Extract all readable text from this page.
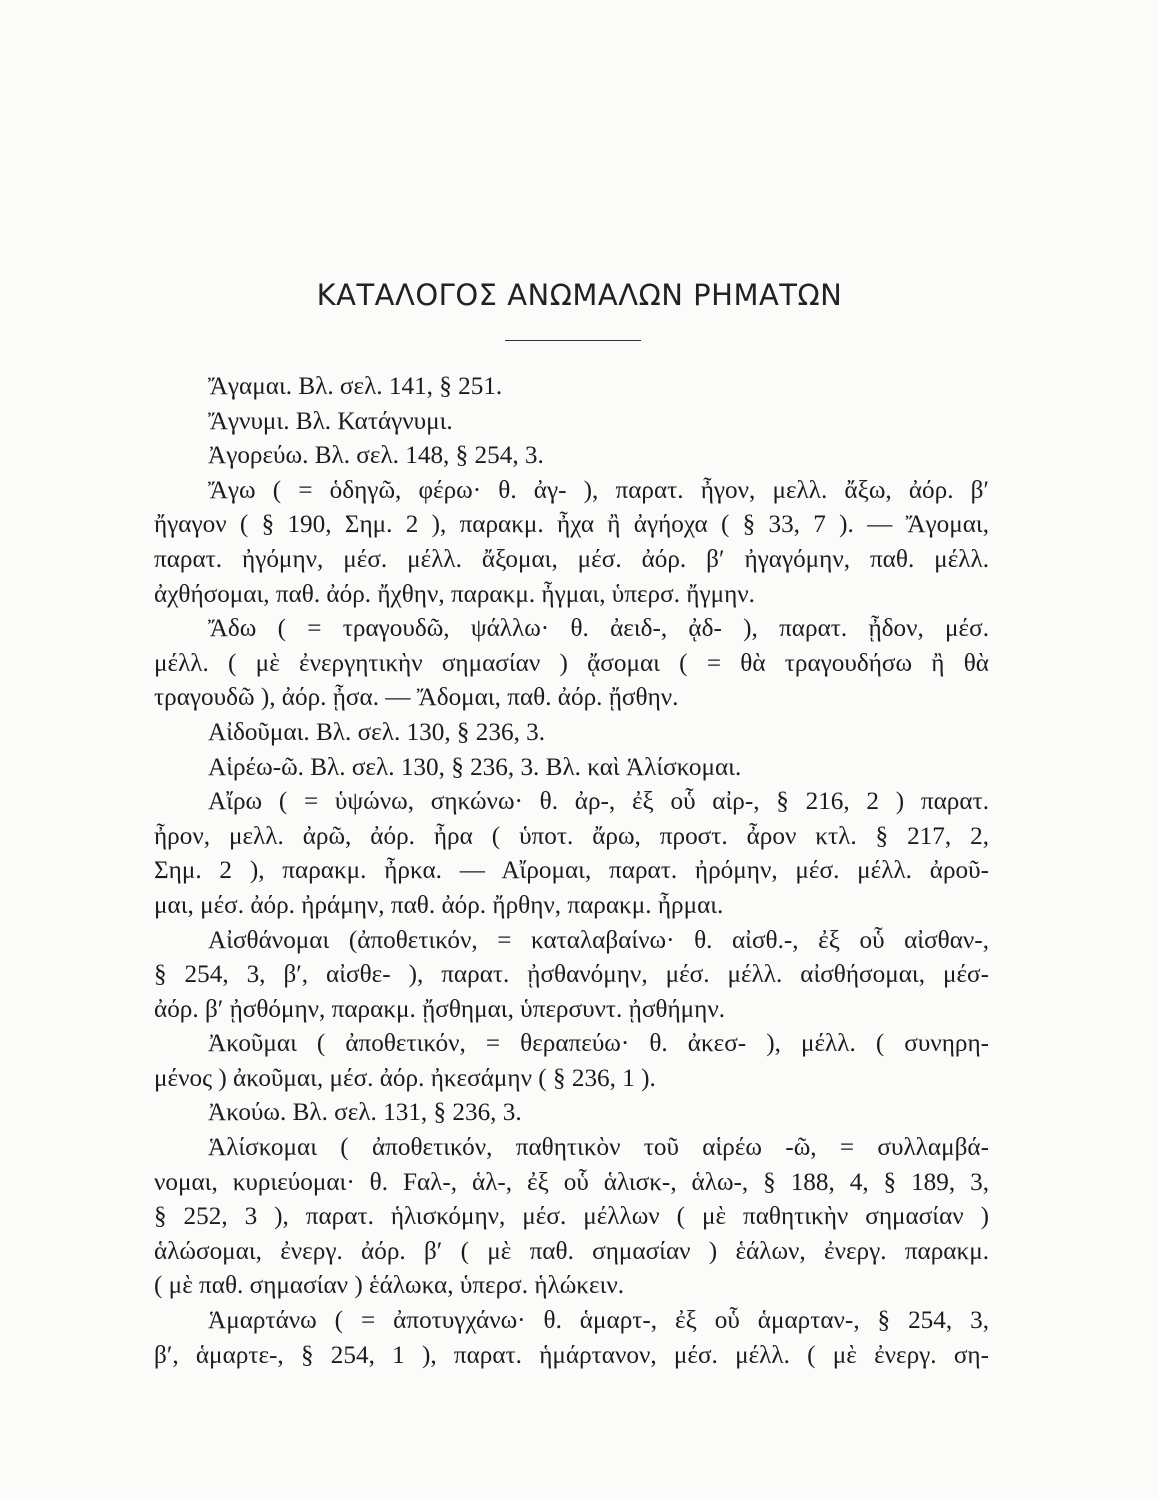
ΚΑΤΑΛΟΓΟΣ ΑΝΩΜΑΛΩΝ ΡΗΜΑΤΩΝ
Ἄγαμαι. Βλ. σελ. 141, § 251.
Ἄγνυμι. Βλ. Κατάγνυμι.
Ἀγορεύω. Βλ. σελ. 148, § 254, 3.
Ἄγω ( = ὁδηγῶ, φέρω· θ. ἀγ- ), παρατ. ἦγον, μελλ. ἄξω, ἀόρ. β′
ἤγαγον ( § 190, Σημ. 2 ), παρακμ. ἦχα ἢ ἀγήοχα ( § 33, 7 ). — Ἄγομαι,
παρατ. ἠγόμην, μέσ. μέλλ. ἄξομαι, μέσ. ἀόρ. β′ ἠγαγόμην, παθ. μέλλ.
ἀχθήσομαι, παθ. ἀόρ. ἤχθην, παρακμ. ἦγμαι, ὑπερσ. ἤγμην.
Ἄδω ( = τραγουδῶ, ψάλλω· θ. ἀειδ-, ᾀδ- ), παρατ. ᾖδον, μέσ.
μέλλ. ( μὲ ἐνεργητικὴν σημασίαν ) ᾄσομαι ( = θὰ τραγουδήσω ἢ θὰ
τραγουδῶ ), ἀόρ. ᾖσα. — Ἄδομαι, παθ. ἀόρ. ᾔσθην.
Αἰδοῦμαι. Βλ. σελ. 130, § 236, 3.
Αἱρέω-ῶ. Βλ. σελ. 130, § 236, 3. Βλ. καὶ Ἁλίσκομαι.
Αἴρω ( = ὑψώνω, σηκώνω· θ. ἀρ-, ἐξ οὗ αἰρ-, § 216, 2 ) παρατ.
ἦρον, μελλ. ἀρῶ, ἀόρ. ἦρα ( ὑποτ. ἄρω, προστ. ἆρον κτλ. § 217, 2,
Σημ. 2 ), παρακμ. ἦρκα. — Αἴρομαι, παρατ. ἠρόμην, μέσ. μέλλ. ἀροῦ-
μαι, μέσ. ἀόρ. ἠράμην, παθ. ἀόρ. ἤρθην, παρακμ. ἦρμαι.
Αἰσθάνομαι (ἀποθετικόν, = καταλαβαίνω· θ. αἰσθ.-, ἐξ οὗ αἰσθαν-,
§ 254, 3, β′, αἰσθε- ), παρατ. ᾐσθανόμην, μέσ. μέλλ. αἰσθήσομαι, μέσ-
ἀόρ. β′ ᾐσθόμην, παρακμ. ᾔσθημαι, ὑπερσυντ. ᾐσθήμην.
Ἀκοῦμαι ( ἀποθετικόν, = θεραπεύω· θ. ἀκεσ- ), μέλλ. ( συνηρη-
μένος ) ἀκοῦμαι, μέσ. ἀόρ. ἠκεσάμην ( § 236, 1 ).
Ἀκούω. Βλ. σελ. 131, § 236, 3.
Ἁλίσκομαι ( ἀποθετικόν, παθητικὸν τοῦ αἱρέω -ῶ, = συλλαμβά-
νομαι, κυριεύομαι· θ. Fαλ-, ἁλ-, ἐξ οὗ ἁλισκ-, ἁλω-, § 188, 4, § 189, 3,
§ 252, 3 ), παρατ. ἡλισκόμην, μέσ. μέλλων ( μὲ παθητικὴν σημασίαν )
ἁλώσομαι, ἐνεργ. ἀόρ. β′ ( μὲ παθ. σημασίαν ) ἑάλων, ἐνεργ. παρακμ.
( μὲ παθ. σημασίαν ) ἑάλωκα, ὑπερσ. ἡλώκειν.
Ἁμαρτάνω ( = ἀποτυγχάνω· θ. ἁμαρτ-, ἐξ οὗ ἁμαρταν-, § 254, 3,
β′, ἁμαρτε-, § 254, 1 ), παρατ. ἡμάρτανον, μέσ. μέλλ. ( μὲ ἐνεργ. ση-
